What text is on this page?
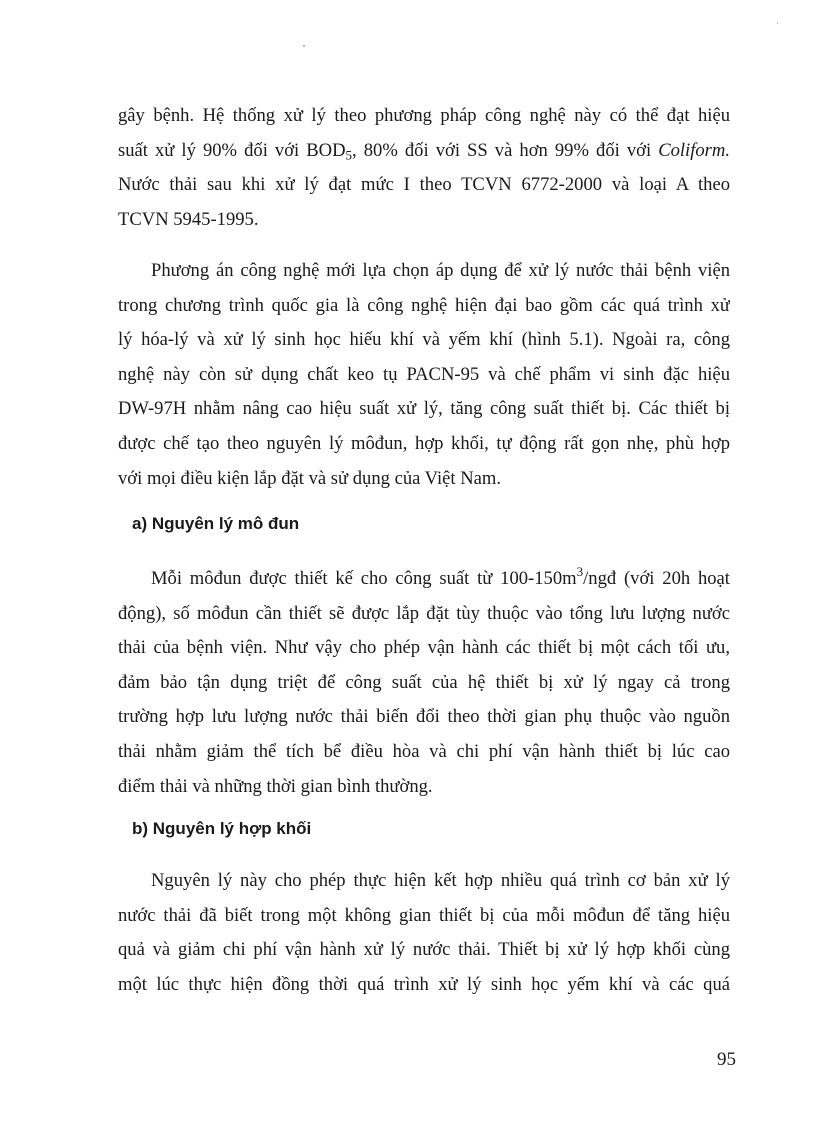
gây bệnh. Hệ thống xử lý theo phương pháp công nghệ này có thể đạt hiệu
suất xử lý 90% đối với $BOD_5$, 80% đối với SS và hơn 99% đối với Coliform.
Nước thải sau khi xử lý đạt mức I theo TCVN 6772-2000 và loại A theo
TCVN 5945-1995.
Phương án công nghệ mới lựa chọn áp dụng để xử lý nước thải bệnh viện
trong chương trình quốc gia là công nghệ hiện đại bao gồm các quá trình xử
lý hóa-lý và xử lý sinh học hiếu khí và yếm khí (hình 5.1). Ngoài ra, công
nghệ này còn sử dụng chất keo tụ PACN-95 và chế phẩm vi sinh đặc hiệu
DW-97H nhằm nâng cao hiệu suất xử lý, tăng công suất thiết bị. Các thiết bị
được chế tạo theo nguyên lý môđun, hợp khối, tự động rất gọn nhẹ, phù hợp
với mọi điều kiện lắp đặt và sử dụng của Việt Nam.
a) Nguyên lý mô đun
Mỗi môđun được thiết kế cho công suất từ $100-150m^3$/ngđ (với 20h hoạt
động), số môđun cần thiết sẽ được lắp đặt tùy thuộc vào tổng lưu lượng nước
thải của bệnh viện. Như vậy cho phép vận hành các thiết bị một cách tối ưu,
đảm bảo tận dụng triệt để công suất của hệ thiết bị xử lý ngay cả trong
trường hợp lưu lượng nước thải biến đổi theo thời gian phụ thuộc vào nguồn
thải nhằm giảm thể tích bể điều hòa và chi phí vận hành thiết bị lúc cao
điểm thải và những thời gian bình thường.
b) Nguyên lý hợp khối
Nguyên lý này cho phép thực hiện kết hợp nhiều quá trình cơ bản xử lý
nước thải đã biết trong một không gian thiết bị của mỗi môđun để tăng hiệu
quả và giảm chi phí vận hành xử lý nước thải. Thiết bị xử lý hợp khối cùng
một lúc thực hiện đồng thời quá trình xử lý sinh học yếm khí và các quá
95
